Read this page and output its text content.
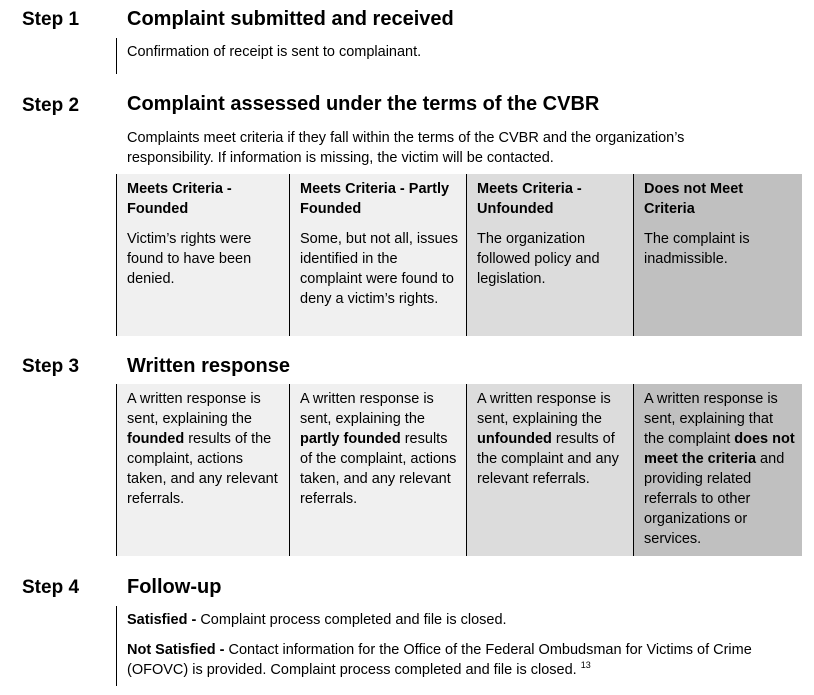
Step 1 Complaint submitted and received
Confirmation of receipt is sent to complainant.
Step 2 Complaint assessed under the terms of the CVBR
Complaints meet criteria if they fall within the terms of the CVBR and the organization’s
responsibility. If information is missing, the victim will be contacted.
Meets Criteria - Founded
Victim’s rights were found to have been denied.
Meets Criteria - Partly Founded
Some, but not all, issues identified in the complaint were found to deny a victim’s rights.
Meets Criteria - Unfounded
The organization followed policy and legislation.
Does not Meet Criteria
The complaint is inadmissible.
Step 3 Written response
A written response is sent, explaining the founded results of the complaint, actions taken, and any relevant referrals.
A written response is sent, explaining the partly founded results of the complaint, actions taken, and any relevant referrals.
A written response is sent, explaining the unfounded results of the complaint and any relevant referrals.
A written response is sent, explaining that the complaint does not meet the criteria and providing related referrals to other organizations or services.
Step 4 Follow-up
Satisfied - Complaint process completed and file is closed.
Not Satisfied - Contact information for the Office of the Federal Ombudsman for Victims of Crime
(OFOVC) is provided. Complaint process completed and file is closed. $^{13}$
